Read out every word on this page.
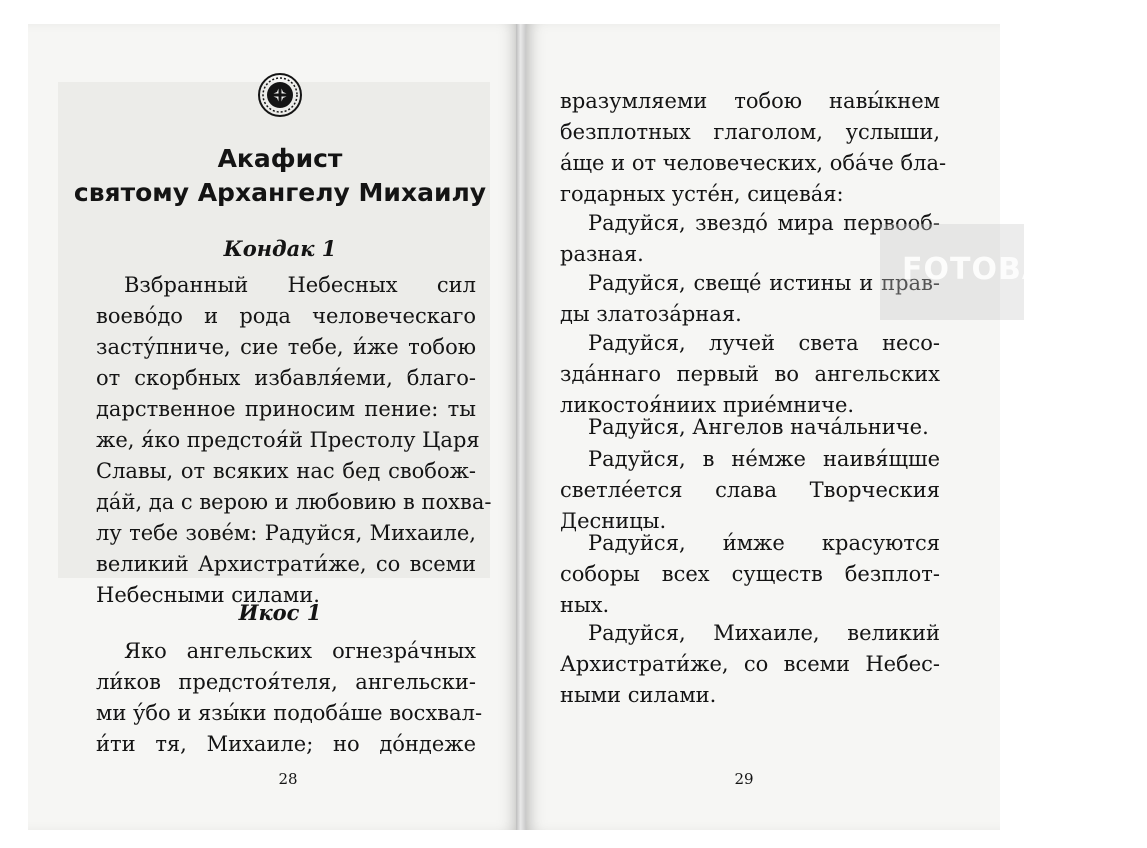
Акафист
святому Архангелу Михаилу
Кондак 1
Взбранный Небесных сил
воево́до и рода человеческаго
засту́пниче, сие тебе, и́же тобою
от скорбных избавля́еми, благо-
дарственное приносим пение: ты
же, я́ко предстоя́й Престолу Царя
Славы, от всяких нас бед свобож-
да́й, да с верою и любовию в похва-
лу тебе зове́м: Радуйся, Михаиле,
великий Архистрати́же, со всеми
Небесными силами.
Икос 1
Яко ангельских огнезра́чных
ли́ков предстоя́теля, ангельски-
ми у́бо и язы́ки подоба́ше восхвал-
и́ти тя, Михаиле; но до́ндеже
28
вразумляеми тобою навы́кнем
безплотных глаголом, услыши,
а́ще и от человеческих, оба́че бла-
годарных усте́н, сицева́я:
Радуйся, звездо́ мира первооб-
разная.
Радуйся, свеще́ истины и прав-
ды златоза́рная.
Радуйся, лучей света несо-
зда́ннаго первый во ангельских
ликостоя́ниих прие́мниче.
Радуйся, Ангелов нача́льниче.
Радуйся, в не́мже наивя́щше
светле́ется слава Творческия
Десницы.
Радуйся, и́мже красуются
соборы всех существ безплот-
ных.
Радуйся, Михаиле, великий
Архистрати́же, со всеми Небес-
ными силами.
29
FOTOBANK.ru
